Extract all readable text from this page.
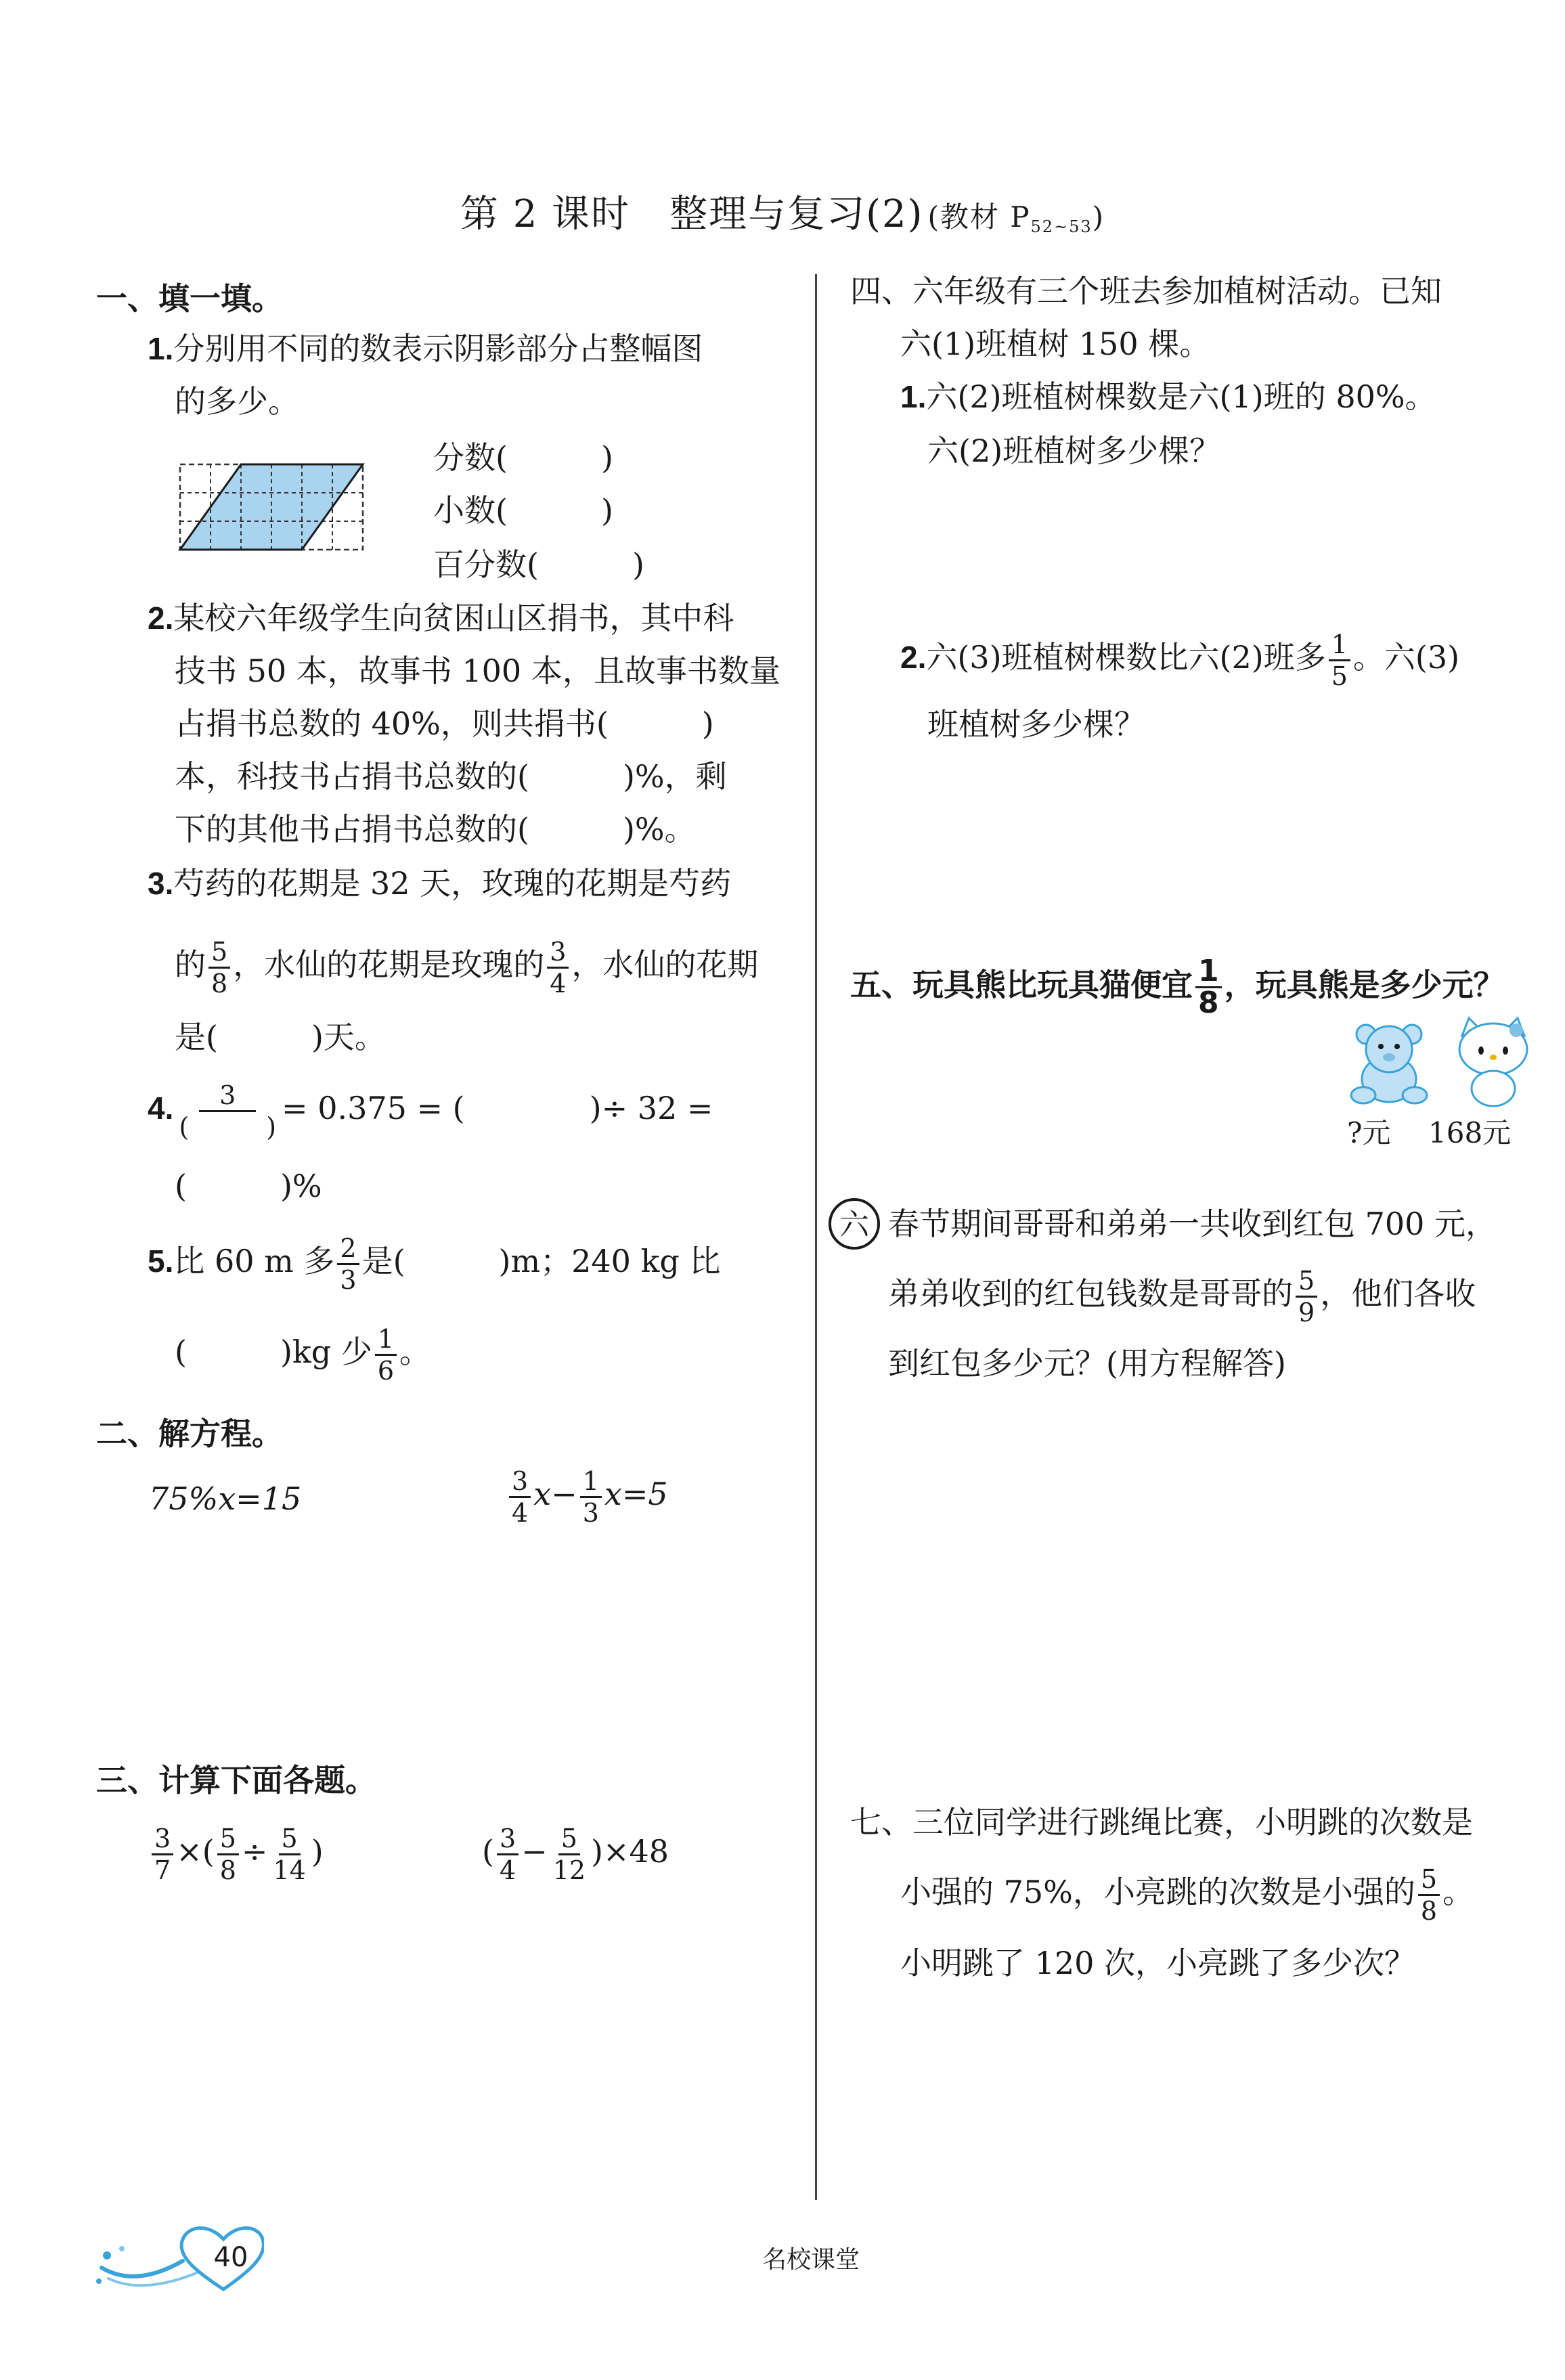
第 2 课时　整理与复习(2) (教材 P52~53)
一、填一填。
1.分别用不同的数表示阴影部分占整幅图
的多少。
分数(　　　)
小数(　　　)
百分数(　　　)
2.某校六年级学生向贫困山区捐书，其中科
技书 50 本，故事书 100 本，且故事书数量
占捐书总数的 40%，则共捐书(　　　)
本，科技书占捐书总数的(　　　)%，剩
下的其他书占捐书总数的(　　　)%。
3.芍药的花期是 32 天，玫瑰的花期是芍药
的 $\frac{5}{8}$ ，水仙的花期是玫瑰的 $\frac{3}{4}$ ，水仙的花期
是(　　　)天。
4. $\frac{3}{( )} = 0.375$ = (　　　　)÷ 32 =
(　　　)%
5.比 60 m 多 $\frac{2}{3}$ 是(　　　)m；240 kg 比
(　　　)kg 少 $\frac{1}{6}$ 。
二、解方程。
75%x=15	$\frac{3}{4} x- \frac{1}{3} x=5$
三、计算下面各题。
$\frac{3}{7}$ ×( $\frac{5}{8} \div \frac{5}{14}$ )	( $\frac{3}{4} - \frac{5}{12} )\times 48$
四、六年级有三个班去参加植树活动。已知
六(1)班植树 150 棵。
1.六(2)班植树棵数是六(1)班的 80%。
六(2)班植树多少棵？
2.六(3)班植树棵数比六(2)班多 $\frac{1}{5}$ 。六(3)
班植树多少棵？
五、玩具熊比玩具猫便宜 $\frac{1}{8}$ ，玩具熊是多少元？
?元 168元
六 春节期间哥哥和弟弟一共收到红包 700 元，
弟弟收到的红包钱数是哥哥的 $\frac{5}{9}$ ，他们各收
到红包多少元？(用方程解答)
七、三位同学进行跳绳比赛，小明跳的次数是
小强的 75%，小亮跳的次数是小强的 $\frac{5}{8}$ 。
小明跳了 120 次，小亮跳了多少次？
40	名校课堂
